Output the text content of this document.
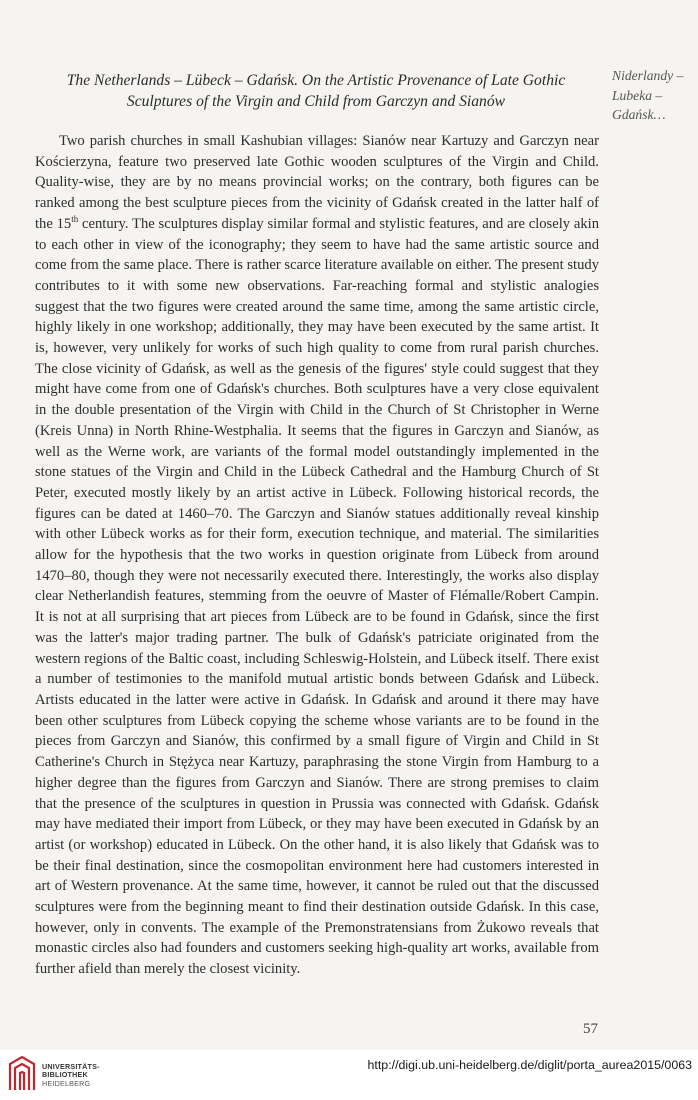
The Netherlands – Lübeck – Gdańsk. On the Artistic Provenance of Late Gothic
Sculptures of the Virgin and Child from Garczyn and Sianów
Niderlandy –
Lubeka –
Gdańsk…

Two parish churches in small Kashubian villages: Sianów near Kartuzy and Garczyn near Kościerzyna, feature two preserved late Gothic wooden sculptures of the Virgin and Child. Quality-wise, they are by no means provincial works; on the contrary, both figures can be ranked among the best sculpture pieces from the vicinity of Gdańsk created in the latter half of the 15th century. The sculptures display similar formal and stylistic features, and are closely akin to each other in view of the iconography; they seem to have had the same artistic source and come from the same place. There is rather scarce literature available on either. The present study contributes to it with some new observations. Far-reaching formal and stylistic analogies suggest that the two figures were created around the same time, among the same artistic circle, highly likely in one workshop; additionally, they may have been executed by the same artist. It is, however, very unlikely for works of such high quality to come from rural parish churches. The close vicinity of Gdańsk, as well as the genesis of the figures' style could suggest that they might have come from one of Gdańsk's churches. Both sculptures have a very close equivalent in the double presentation of the Virgin with Child in the Church of St Christopher in Werne (Kreis Unna) in North Rhine-Westphalia. It seems that the figures in Garczyn and Sianów, as well as the Werne work, are variants of the formal model outstandingly implemented in the stone statues of the Virgin and Child in the Lübeck Cathedral and the Hamburg Church of St Peter, executed mostly likely by an artist active in Lübeck. Following historical records, the figures can be dated at 1460–70. The Garczyn and Sianów statues additionally reveal kinship with other Lübeck works as for their form, execution technique, and material. The similarities allow for the hypothesis that the two works in question originate from Lübeck from around 1470–80, though they were not necessarily executed there. Interestingly, the works also display clear Netherlandish features, stemming from the oeuvre of Master of Flémalle/Robert Campin. It is not at all surprising that art pieces from Lübeck are to be found in Gdańsk, since the first was the latter's major trading partner. The bulk of Gdańsk's patriciate originated from the western regions of the Baltic coast, including Schleswig-Holstein, and Lübeck itself. There exist a number of testimonies to the manifold mutual artistic bonds between Gdańsk and Lübeck. Artists educated in the latter were active in Gdańsk. In Gdańsk and around it there may have been other sculptures from Lübeck copying the scheme whose variants are to be found in the pieces from Garczyn and Sianów, this confirmed by a small figure of Virgin and Child in St Catherine's Church in Stężyca near Kartuzy, paraphrasing the stone Virgin from Hamburg to a higher degree than the figures from Garczyn and Sianów. There are strong premises to claim that the presence of the sculptures in question in Prussia was connected with Gdańsk. Gdańsk may have mediated their import from Lübeck, or they may have been executed in Gdańsk by an artist (or workshop) educated in Lübeck. On the other hand, it is also likely that Gdańsk was to be their final destination, since the cosmopolitan environment here had customers interested in art of Western provenance. At the same time, however, it cannot be ruled out that the discussed sculptures were from the beginning meant to find their destination outside Gdańsk. In this case, however, only in convents. The example of the Premonstratensians from Żukowo reveals that monastic circles also had founders and customers seeking high-quality art works, available from further afield than merely the closest vicinity.

57
UNIVERSITÄTS-
BIBLIOTHEK
HEIDELBERG
http://digi.ub.uni-heidelberg.de/diglit/porta_aurea2015/0063
